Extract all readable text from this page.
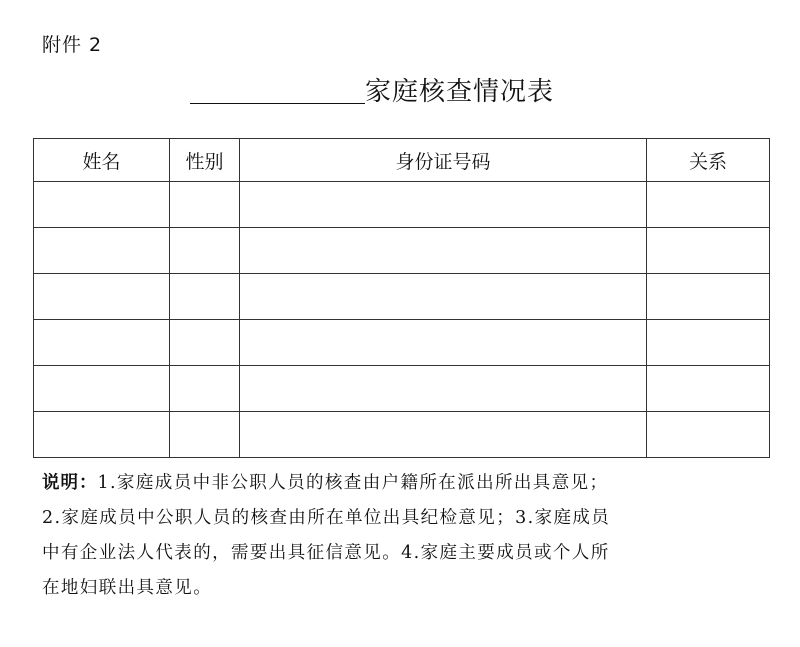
附件 2
家庭核查情况表
姓名	性别	身份证号码	关系

说明：1.家庭成员中非公职人员的核查由户籍所在派出所出具意见；
2.家庭成员中公职人员的核查由所在单位出具纪检意见；3.家庭成员
中有企业法人代表的，需要出具征信意见。4.家庭主要成员或个人所
在地妇联出具意见。
